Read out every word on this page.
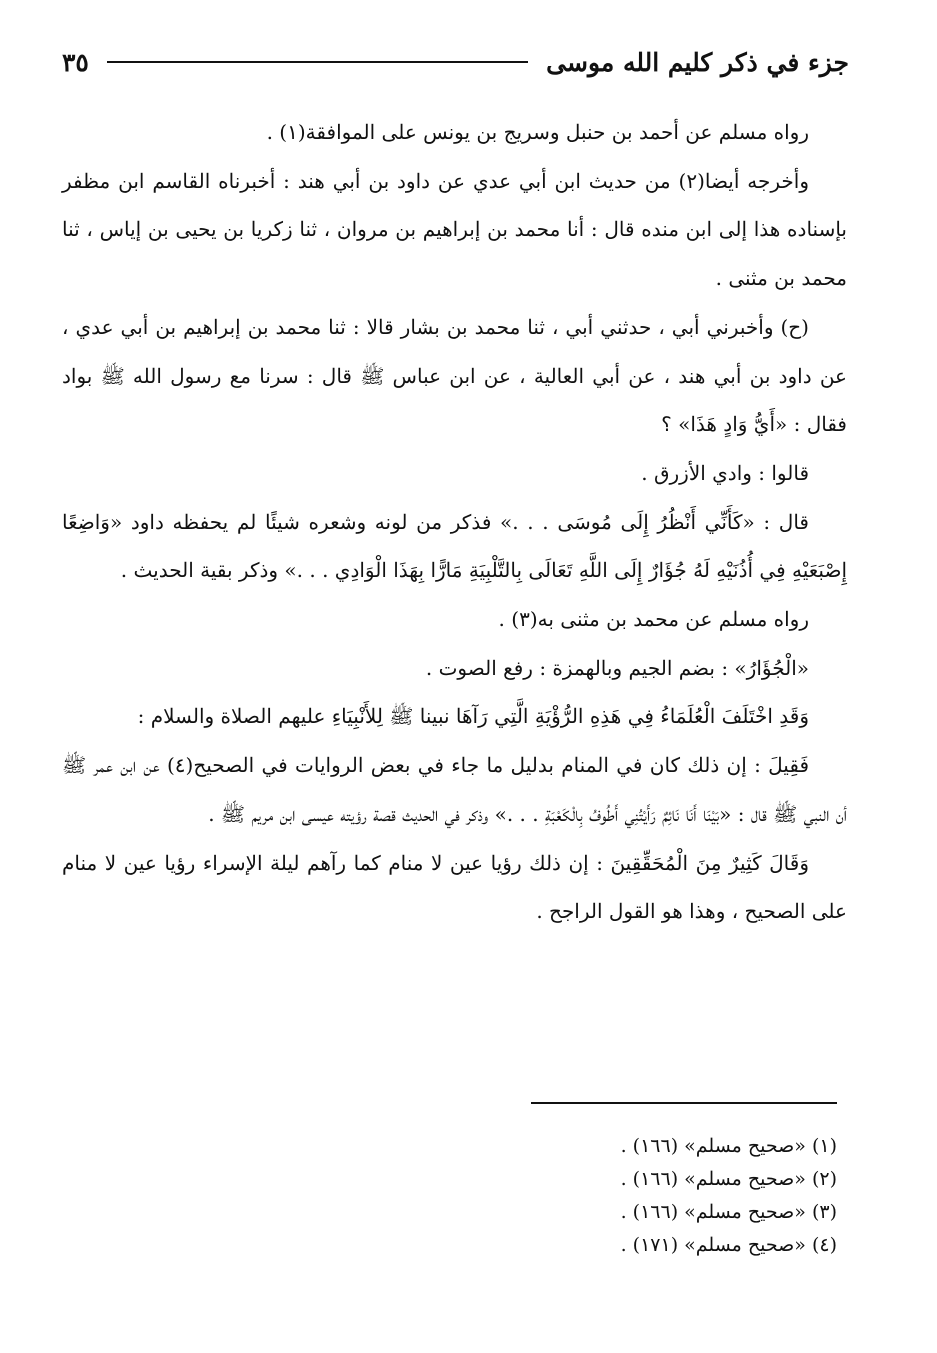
جزء في ذكر كليم الله موسى
٣٥

رواه مسلم عن أحمد بن حنبل وسريج بن يونس على الموافقة(١) .

وأخرجه أيضا(٢) من حديث ابن أبي عدي عن داود بن أبي هند : أخبرناه القاسم ابن مظفر بإسناده هذا إلى ابن منده قال : أنا محمد بن إبراهيم بن مروان ، ثنا زكريا بن يحيى بن إياس ، ثنا محمد بن مثنى .

(ح) وأخبرني أبي ، حدثني أبي ، ثنا محمد بن بشار قالا : ثنا محمد بن إبراهيم بن أبي عدي ، عن داود بن أبي هند ، عن أبي العالية ، عن ابن عباس ﷺ قال : سرنا مع رسول الله ﷺ بواد فقال : «أَيُّ وَادٍ هَذَا» ؟

قالوا : وادي الأزرق .

قال : «كَأَنِّي أَنْظُرُ إِلَى مُوسَى . . .» فذكر من لونه وشعره شيئًا لم يحفظه داود «وَاضِعًا إِصْبَعَيْهِ فِي أُذُنَيْهِ لَهُ جُؤَارٌ إِلَى اللَّهِ تَعَالَى بِالتَّلْبِيَةِ مَارًّا بِهَذَا الْوَادِي . . .» وذكر بقية الحديث .

رواه مسلم عن محمد بن مثنى به(٣) .

«الْجُؤَارُ» : بضم الجيم وبالهمزة : رفع الصوت .

وَقَدِ اخْتَلَفَ الْعُلَمَاءُ فِي هَذِهِ الرُّؤْيَةِ الَّتِي رَآهَا نبينا ﷺ لِلأَنْبِيَاءِ عليهم الصلاة والسلام :

فَقِيلَ : إن ذلك كان في المنام بدليل ما جاء في بعض الروايات في الصحيح(٤) عن ابن عمر ﷺ أن النبي ﷺ قال : «بَيْنَا أَنَا نَائِمٌ رَأَيْتُنِي أَطُوفُ بِالْكَعْبَةِ . . .» وذكر في الحديث قصة رؤيته عيسى ابن مريم ﷺ .

وَقَالَ كَثِيرٌ مِنَ الْمُحَقِّقِينَ : إن ذلك رؤيا عين لا منام كما رآهم ليلة الإسراء رؤيا عين لا منام على الصحيح ، وهذا هو القول الراجح .

(١) «صحيح مسلم» (١٦٦) .

(٢) «صحيح مسلم» (١٦٦) .

(٣) «صحيح مسلم» (١٦٦) .

(٤) «صحيح مسلم» (١٧١) .
